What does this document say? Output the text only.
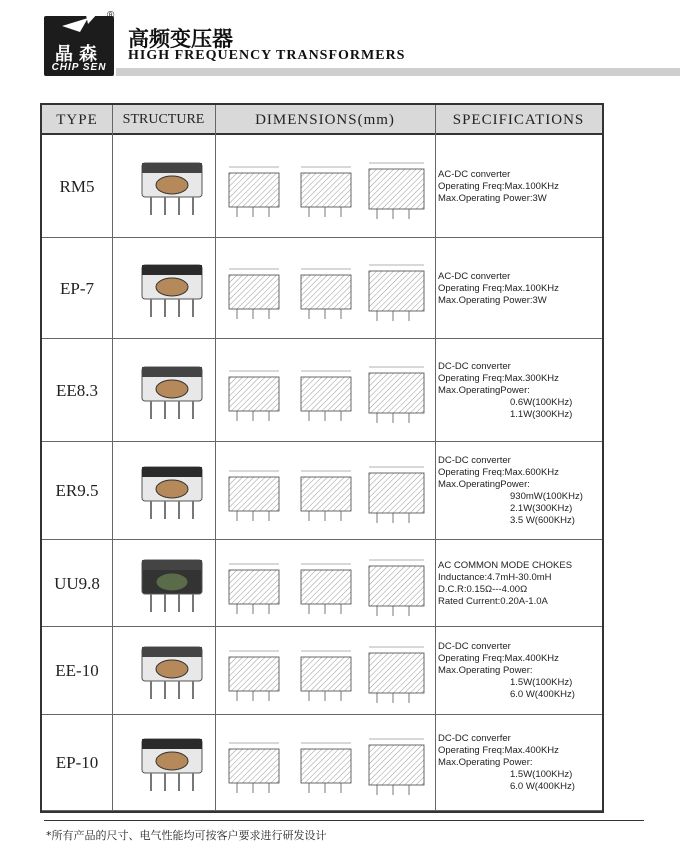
晶森
CHIP SEN
®
高频变压器
HIGH FREQUENCY TRANSFORMERS
TYPE	STRUCTURE	DIMENSIONS(mm)	SPECIFICATIONS
RM5
AC-DC converter
Operating Freq:Max.100KHz
Max.Operating Power:3W
EP-7
AC-DC converter
Operating Freq:Max.100KHz
Max.Operating Power:3W
EE8.3
DC-DC converter
Operating Freq:Max.300KHz
Max.OperatingPower:
0.6W(100KHz)
1.1W(300KHz)
ER9.5
DC-DC converter
Operating Freq:Max.600KHz
Max.OperatingPower:
930mW(100KHz)
2.1W(300KHz)
3.5 W(600KHz)
UU9.8
AC COMMON MODE CHOKES
Inductance:4.7mH-30.0mH
D.C.R:0.15Ω---4.00Ω
Rated Current:0.20A-1.0A
EE-10
DC-DC converter
Operating Freq:Max.400KHz
Max.Operating Power:
1.5W(100KHz)
6.0 W(400KHz)
EP-10
DC-DC converfer
Operating Freq:Max.400KHz
Max.Operating Power:
1.5W(100KHz)
6.0 W(400KHz)
*所有产品的尺寸、电气性能均可按客户要求进行研发设计
